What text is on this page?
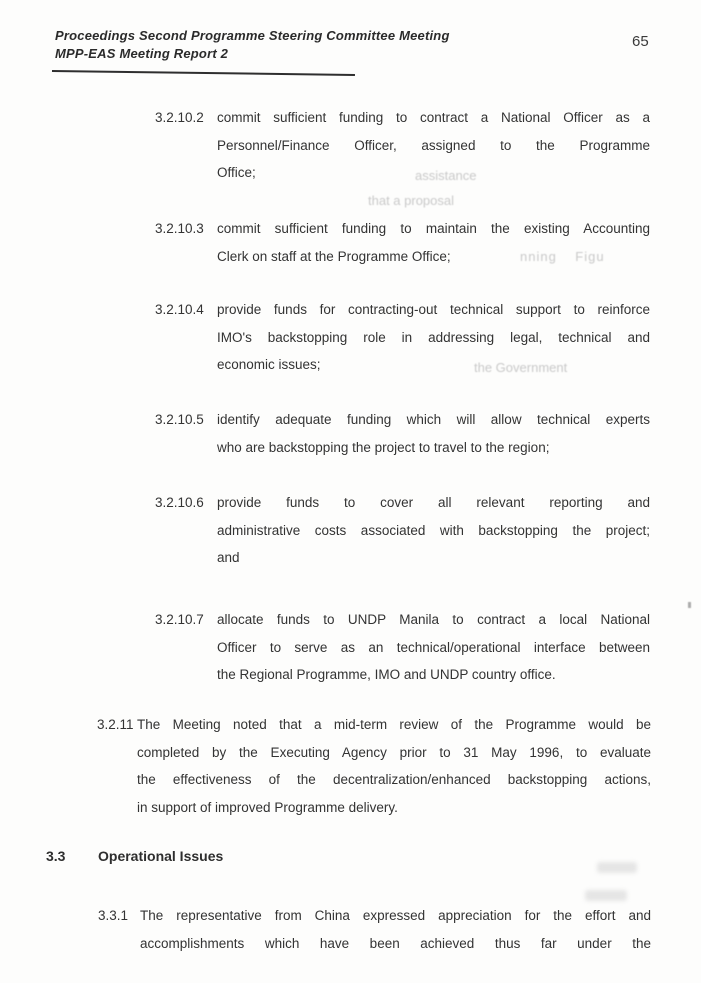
Proceedings Second Programme Steering Committee Meeting
MPP-EAS Meeting Report 2
65
assistance
that a proposal
nning    Figu
the Government
3.2.10.2 commit sufficient funding to contract a National Officer as a
Personnel/Finance Officer, assigned to the Programme
Office;
3.2.10.3 commit sufficient funding to maintain the existing Accounting
Clerk on staff at the Programme Office;
3.2.10.4 provide funds for contracting-out technical support to reinforce
IMO's backstopping role in addressing legal, technical and
economic issues;
3.2.10.5 identify adequate funding which will allow technical experts
who are backstopping the project to travel to the region;
3.2.10.6 provide funds to cover all relevant reporting and
administrative costs associated with backstopping the project;
and
3.2.10.7 allocate funds to UNDP Manila to contract a local National
Officer to serve as an technical/operational interface between
the Regional Programme, IMO and UNDP country office.
3.2.11 The Meeting noted that a mid-term review of the Programme would be
completed by the Executing Agency prior to 31 May 1996, to evaluate
the effectiveness of the decentralization/enhanced backstopping actions,
in support of improved Programme delivery.
3.3 Operational Issues
3.3.1 The representative from China expressed appreciation for the effort and
accomplishments which have been achieved thus far under the
